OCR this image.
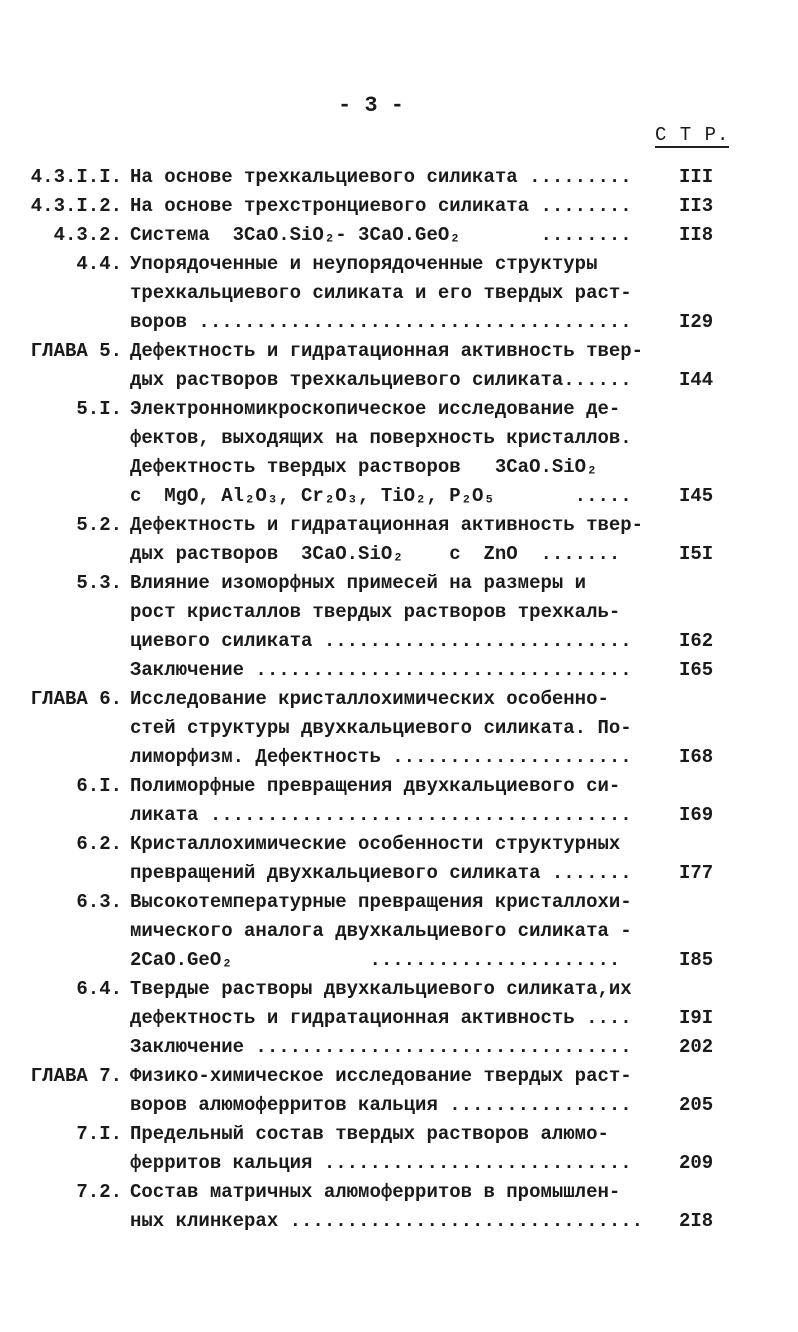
- 3 -
С Т Р.
4.3.I.I. На основе трехкальциевого силиката .........	III
4.3.I.2. На основе трехстронциевого силиката ........	II3
4.3.2. Система  3CaO.SiO₂- 3CaO.GeO₂       ........	II8
4.4. Упорядоченные и неупорядоченные структуры
трехкальциевого силиката и его твердых раст-
воров ......................................	I29
ГЛАВА 5. Дефектность и гидратационная активность твер-
дых растворов трехкальциевого силиката......	I44
5.I. Электронномикроскопическое исследование де-
фектов, выходящих на поверхность кристаллов.
Дефектность твердых растворов   3CaO.SiO₂
с  MgO, Al₂O₃, Cr₂O₃, TiO₂, P₂O₅       .....	I45
5.2. Дефектность и гидратационная активность твер-
дых растворов  3CaO.SiO₂    с  ZnO  .......	I5I
5.3. Влияние изоморфных примесей на размеры и
рост кристаллов твердых растворов трехкаль-
циевого силиката ...........................	I62
Заключение .................................	I65
ГЛАВА 6. Исследование кристаллохимических особенно-
стей структуры двухкальциевого силиката. По-
лиморфизм. Дефектность .....................	I68
6.I. Полиморфные превращения двухкальциевого си-
ликата .....................................	I69
6.2. Кристаллохимические особенности структурных
превращений двухкальциевого силиката .......	I77
6.3. Высокотемпературные превращения кристаллохи-
мического аналога двухкальциевого силиката -
2CaO.GeO₂            ......................	I85
6.4. Твердые растворы двухкальциевого силиката,их
дефектность и гидратационная активность ....	I9I
Заключение .................................	202
ГЛАВА 7. Физико-химическое исследование твердых раст-
воров алюмоферритов кальция ................	205
7.I. Предельный состав твердых растворов алюмо-
ферритов кальция ...........................	209
7.2. Состав матричных алюмоферритов в промышлен-
ных клинкерах ............................... 2I8
